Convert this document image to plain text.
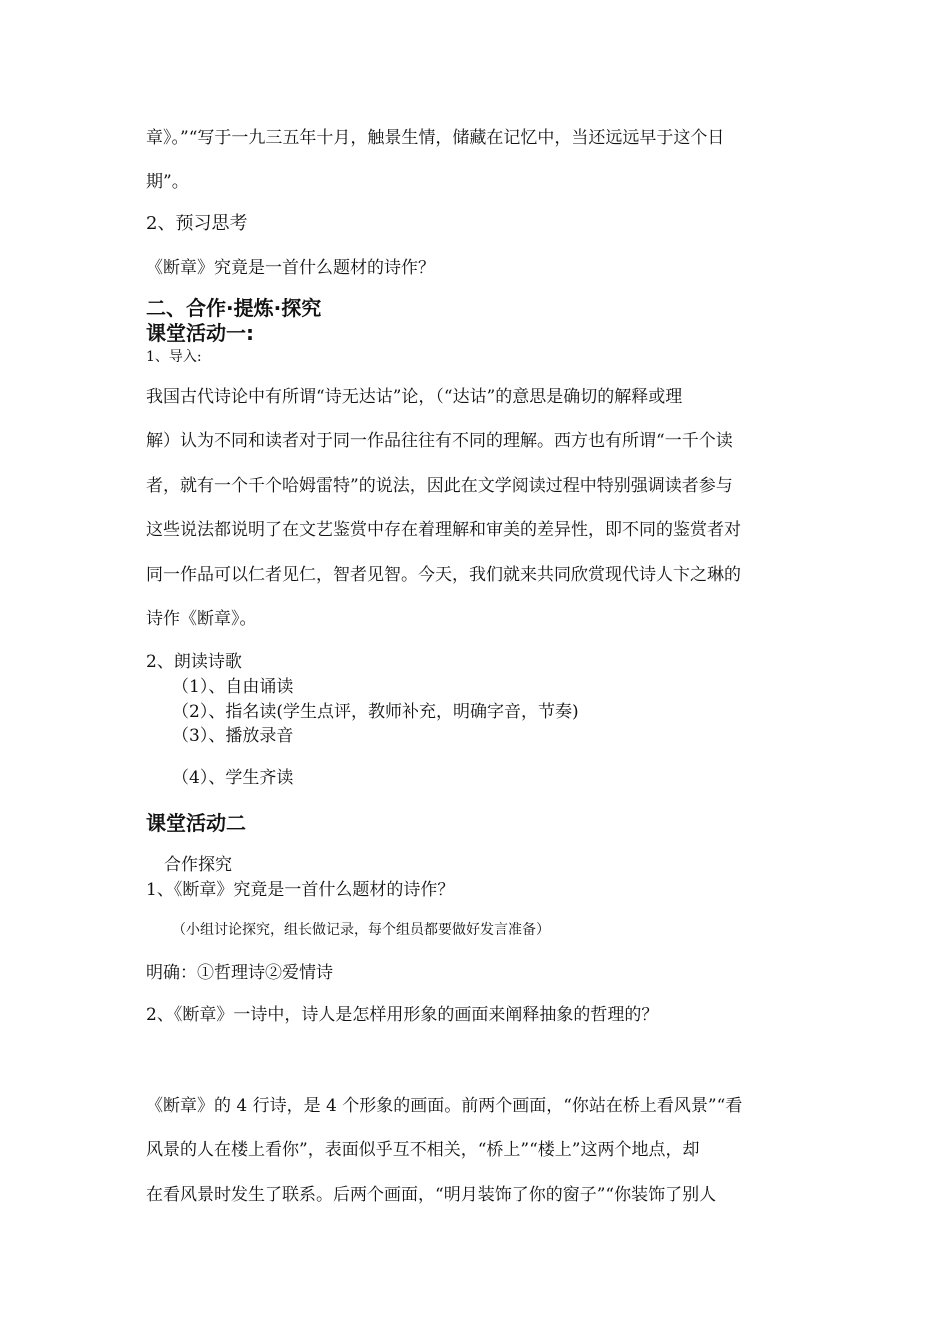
章》。”“写于一九三五年十月，触景生情，储藏在记忆中，当还远远早于这个日
期”。
2、预习思考
《断章》究竟是一首什么题材的诗作？
二、合作·提炼·探究
课堂活动一:
1、导入:
我国古代诗论中有所谓“诗无达诂”论，（“达诂”的意思是确切的解释或理
解）认为不同和读者对于同一作品往往有不同的理解。西方也有所谓“一千个读
者，就有一个千个哈姆雷特”的说法，因此在文学阅读过程中特别强调读者参与
这些说法都说明了在文艺鉴赏中存在着理解和审美的差异性，即不同的鉴赏者对
同一作品可以仁者见仁，智者见智。今天，我们就来共同欣赏现代诗人卞之琳的
诗作《断章》。
2、朗读诗歌
（1）、自由诵读
（2）、指名读(学生点评，教师补充，明确字音，节奏)
（3）、播放录音
（4）、学生齐读
课堂活动二
合作探究
1、《断章》究竟是一首什么题材的诗作？
（小组讨论探究，组长做记录，每个组员都要做好发言准备）
明确：①哲理诗②爱情诗
2、《断章》一诗中，诗人是怎样用形象的画面来阐释抽象的哲理的？
《断章》的 4 行诗，是 4 个形象的画面。前两个画面，“你站在桥上看风景”“看
风景的人在楼上看你”，表面似乎互不相关，“桥上”“楼上”这两个地点，却
在看风景时发生了联系。后两个画面，“明月装饰了你的窗子”“你装饰了别人
